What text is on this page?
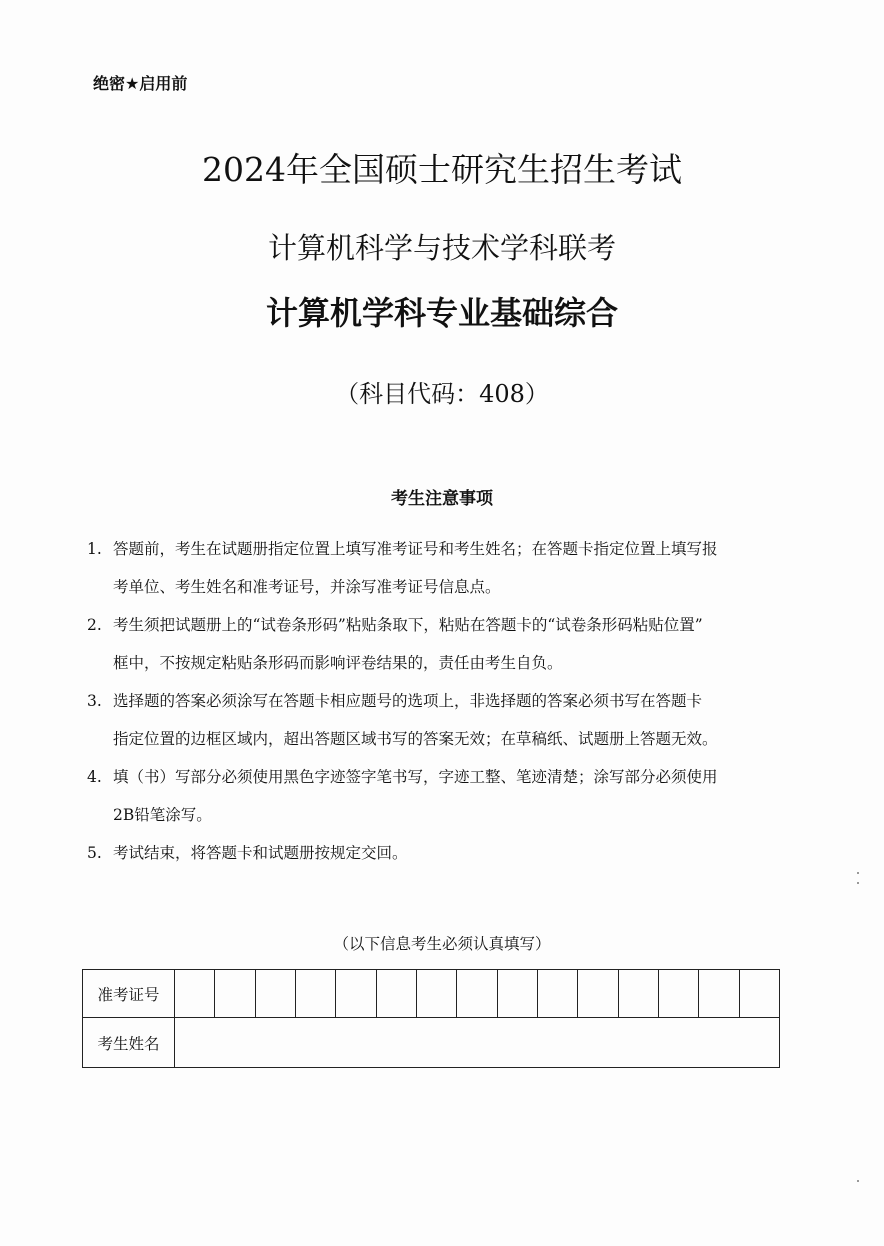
绝密★启用前
2024年全国硕士研究生招生考试
计算机科学与技术学科联考
计算机学科专业基础综合
（科目代码：408）
考生注意事项
1. 答题前，考生在试题册指定位置上填写准考证号和考生姓名；在答题卡指定位置上填写报
考单位、考生姓名和准考证号，并涂写准考证号信息点。
2. 考生须把试题册上的“试卷条形码”粘贴条取下，粘贴在答题卡的“试卷条形码粘贴位置”
框中，不按规定粘贴条形码而影响评卷结果的，责任由考生自负。
3. 选择题的答案必须涂写在答题卡相应题号的选项上，非选择题的答案必须书写在答题卡
指定位置的边框区域内，超出答题区域书写的答案无效；在草稿纸、试题册上答题无效。
4. 填（书）写部分必须使用黑色字迹签字笔书写，字迹工整、笔迹清楚；涂写部分必须使用
2B铅笔涂写。
5. 考试结束，将答题卡和试题册按规定交回。
（以下信息考生必须认真填写）
准考证号															
考生姓名															
